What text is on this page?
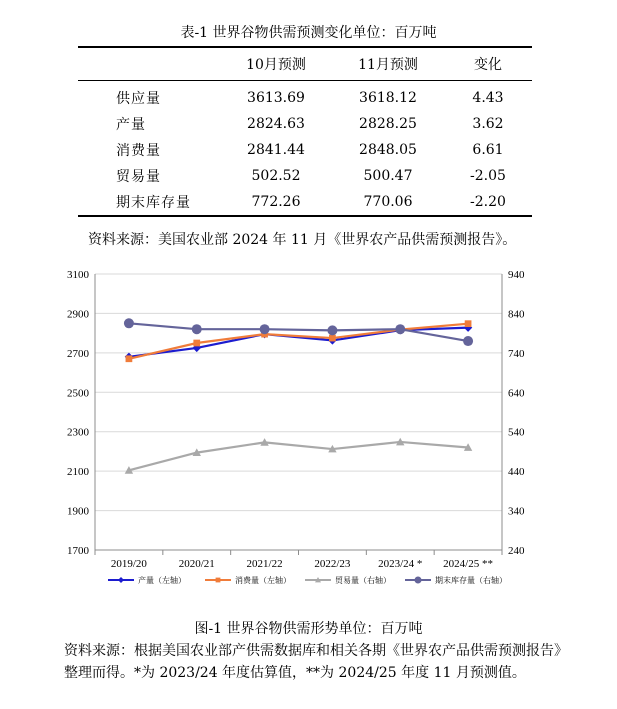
表-1 世界谷物供需预测变化单位：百万吨
	10月预测	11月预测	变化
供应量	3613.69	3618.12	4.43
产量	2824.63	2828.25	3.62
消费量	2841.44	2848.05	6.61
贸易量	502.52	500.47	-2.05
期末库存量	772.26	770.06	-2.20
资料来源：美国农业部 2024 年 11 月《世界农产品供需预测报告》。
1700
1900
2100
2300
2500
2700
2900
3100
240
340
440
540
640
740
840
940
2019/20	2020/21	2021/22	2022/23	2023/24 * 2024/25 **
产量（左轴）	消费量（左轴）	贸易量（右轴）	期末库存量（右轴）
图-1 世界谷物供需形势单位：百万吨

资料来源：根据美国农业部产供需数据库和相关各期《世界农产品供需预测报告》

整理而得。*为 2023/24 年度估算值，**为 2024/25 年度 11 月预测值。
